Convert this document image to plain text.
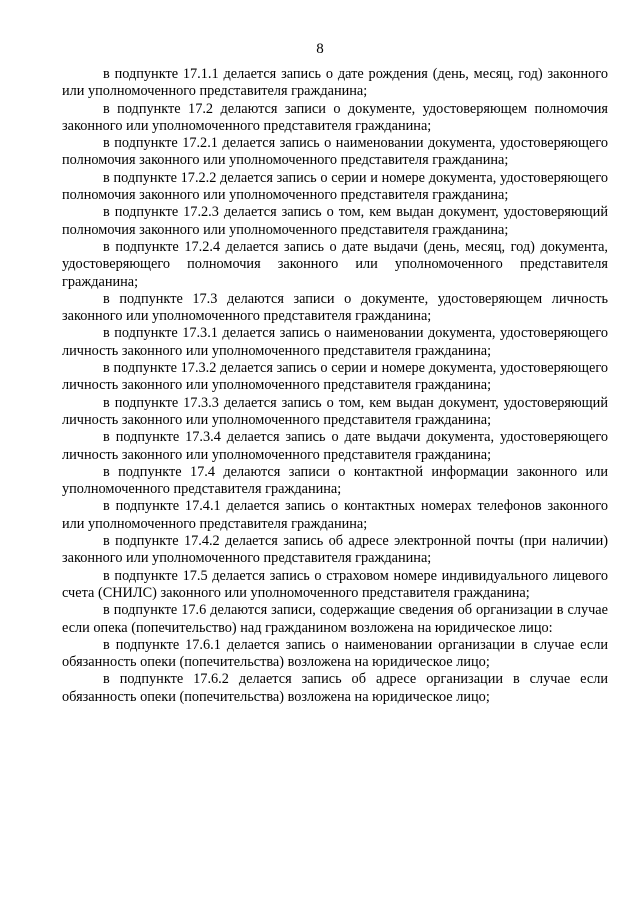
8

в подпункте 17.1.1 делается запись о дате рождения (день, месяц, год) законного или уполномоченного представителя гражданина;

в подпункте 17.2 делаются записи о документе, удостоверяющем полномочия законного или уполномоченного представителя гражданина;

в подпункте 17.2.1 делается запись о наименовании документа, удостоверяющего полномочия законного или уполномоченного представителя гражданина;

в подпункте 17.2.2 делается запись о серии и номере документа, удостоверяющего полномочия законного или уполномоченного представителя гражданина;

в подпункте 17.2.3 делается запись о том, кем выдан документ, удостоверяющий полномочия законного или уполномоченного представителя гражданина;

в подпункте 17.2.4 делается запись о дате выдачи (день, месяц, год) документа, удостоверяющего полномочия законного или уполномоченного представителя гражданина;

в подпункте 17.3 делаются записи о документе, удостоверяющем личность законного или уполномоченного представителя гражданина;

в подпункте 17.3.1 делается запись о наименовании документа, удостоверяющего личность законного или уполномоченного представителя гражданина;

в подпункте 17.3.2 делается запись о серии и номере документа, удостоверяющего личность законного или уполномоченного представителя гражданина;

в подпункте 17.3.3 делается запись о том, кем выдан документ, удостоверяющий личность законного или уполномоченного представителя гражданина;

в подпункте 17.3.4 делается запись о дате выдачи документа, удостоверяющего личность законного или уполномоченного представителя гражданина;

в подпункте 17.4 делаются записи о контактной информации законного или уполномоченного представителя гражданина;

в подпункте 17.4.1 делается запись о контактных номерах телефонов законного или уполномоченного представителя гражданина;

в подпункте 17.4.2 делается запись об адресе электронной почты (при наличии) законного или уполномоченного представителя гражданина;

в подпункте 17.5 делается запись о страховом номере индивидуального лицевого счета (СНИЛС) законного или уполномоченного представителя гражданина;

в подпункте 17.6 делаются записи, содержащие сведения об организации в случае если опека (попечительство) над гражданином возложена на юридическое лицо:

в подпункте 17.6.1 делается запись о наименовании организации в случае если обязанность опеки (попечительства) возложена на юридическое лицо;

в подпункте 17.6.2 делается запись об адресе организации в случае если обязанность опеки (попечительства) возложена на юридическое лицо;
